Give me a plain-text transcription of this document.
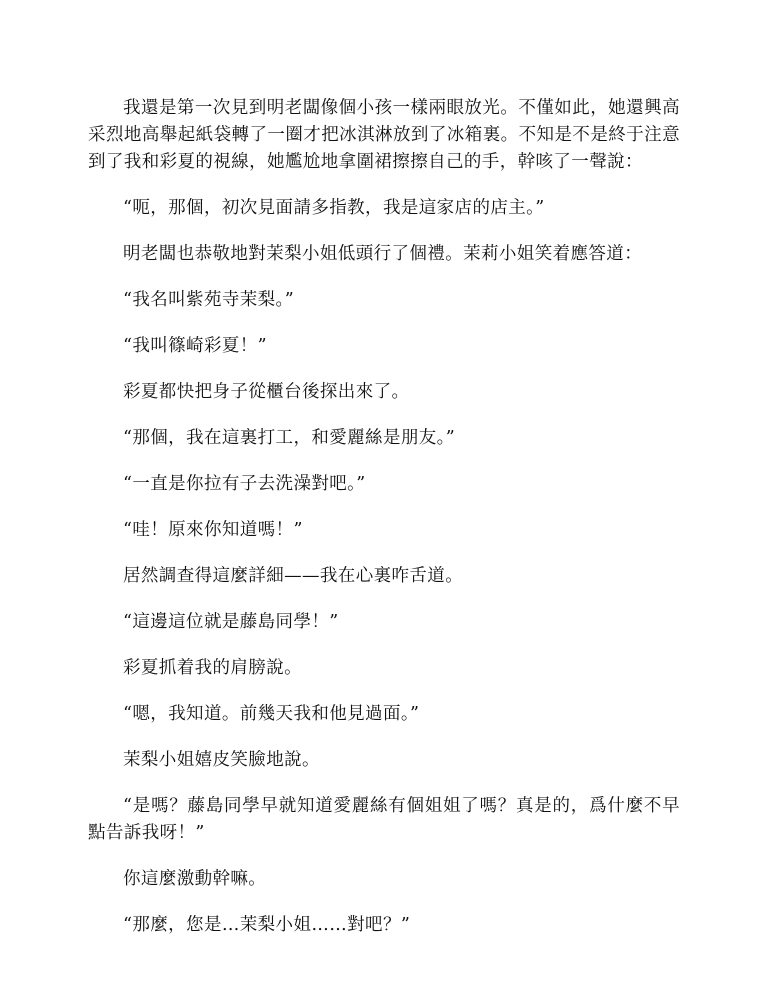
我還是第一次見到明老闆像個小孩一樣兩眼放光。不僅如此，她還興高采烈地高舉起紙袋轉了一圈才把冰淇淋放到了冰箱裏。不知是不是終于注意到了我和彩夏的視線，她尷尬地拿圍裙擦擦自己的手，幹咳了一聲說：

“呃，那個，初次見面請多指教，我是這家店的店主。”

明老闆也恭敬地對茉梨小姐低頭行了個禮。茉莉小姐笑着應答道：

“我名叫紫苑寺茉梨。”

“我叫篠崎彩夏！”

彩夏都快把身子從櫃台後探出來了。

“那個，我在這裏打工，和愛麗絲是朋友。”

“一直是你拉有子去洗澡對吧。”

“哇！原來你知道嗎！”

居然調查得這麼詳細——我在心裏咋舌道。

“這邊這位就是藤島同學！”

彩夏抓着我的肩膀說。

“嗯，我知道。前幾天我和他見過面。”

茉梨小姐嬉皮笑臉地說。

“是嗎？藤島同學早就知道愛麗絲有個姐姐了嗎？真是的，爲什麼不早點告訴我呀！”

你這麼激動幹嘛。

“那麼，您是…茉梨小姐……對吧？”
